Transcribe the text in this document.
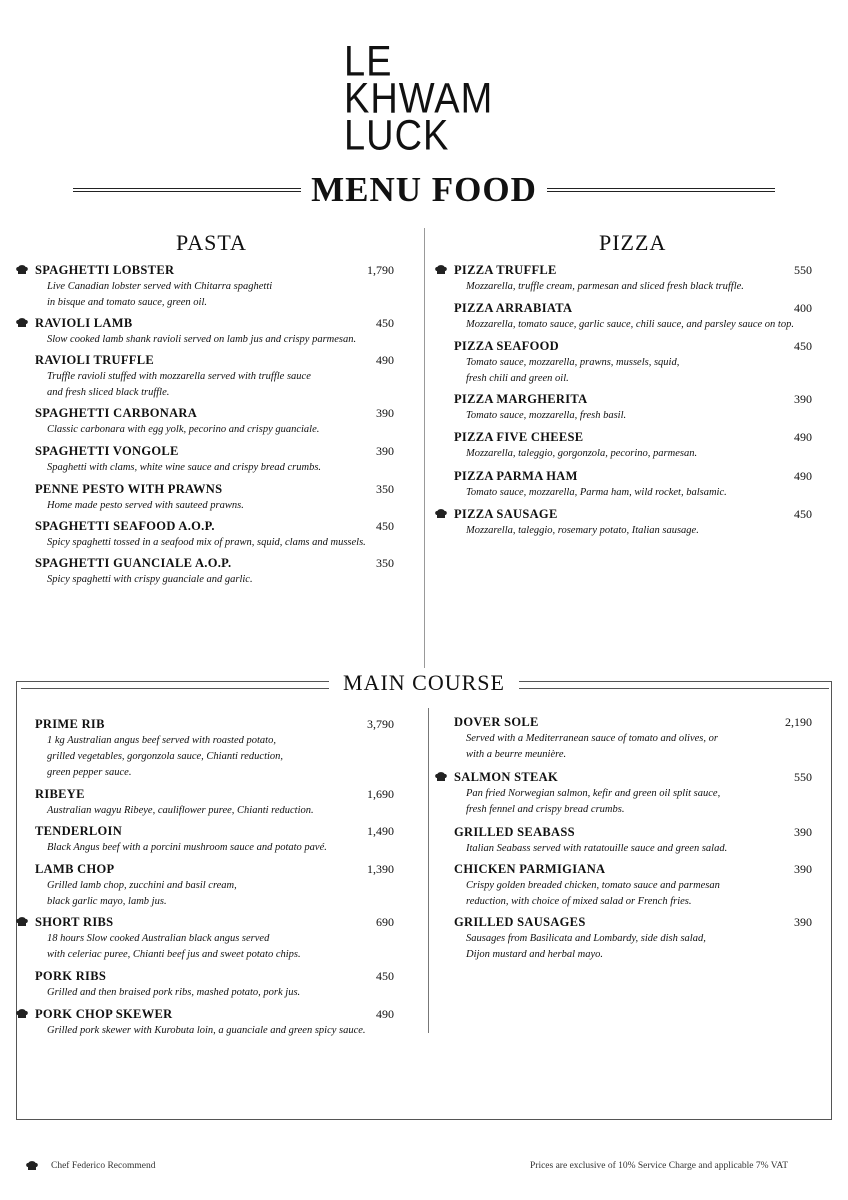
LE
KHWAM
LUCK
MENU FOOD
PASTA	PIZZA
SPAGHETTI LOBSTER	1,790
Live Canadian lobster served with Chitarra spaghetti
in bisque and tomato sauce, green oil.
RAVIOLI LAMB	450
Slow cooked lamb shank ravioli served on lamb jus and crispy parmesan.
RAVIOLI TRUFFLE	490
Truffle ravioli stuffed with mozzarella served with truffle sauce
and fresh sliced black truffle.
SPAGHETTI CARBONARA	390
Classic carbonara with egg yolk, pecorino and crispy guanciale.
SPAGHETTI VONGOLE	390
Spaghetti with clams, white wine sauce and crispy bread crumbs.
PENNE PESTO WITH PRAWNS	350
Home made pesto served with sauteed prawns.
SPAGHETTI SEAFOOD A.O.P.	450
Spicy spaghetti tossed in a seafood mix of prawn, squid, clams and mussels.
SPAGHETTI GUANCIALE A.O.P.	350
Spicy spaghetti with crispy guanciale and garlic.
PIZZA TRUFFLE	550
Mozzarella, truffle cream, parmesan and sliced fresh black truffle.
PIZZA ARRABIATA	400
Mozzarella, tomato sauce, garlic sauce, chili sauce, and parsley sauce on top.
PIZZA SEAFOOD	450
Tomato sauce, mozzarella, prawns, mussels, squid,
fresh chili and green oil.
PIZZA MARGHERITA	390
Tomato sauce, mozzarella, fresh basil.
PIZZA FIVE CHEESE	490
Mozzarella, taleggio, gorgonzola, pecorino, parmesan.
PIZZA PARMA HAM	490
Tomato sauce, mozzarella, Parma ham, wild rocket, balsamic.
PIZZA SAUSAGE	450
Mozzarella, taleggio, rosemary potato, Italian sausage.
MAIN COURSE
PRIME RIB	3,790
1 kg Australian angus beef served with roasted potato,
grilled vegetables, gorgonzola sauce, Chianti reduction,
green pepper sauce.
RIBEYE	1,690
Australian wagyu Ribeye, cauliflower puree, Chianti reduction.
TENDERLOIN	1,490
Black Angus beef with a porcini mushroom sauce and potato pavé.
LAMB CHOP	1,390
Grilled lamb chop, zucchini and basil cream,
black garlic mayo, lamb jus.
SHORT RIBS	690
18 hours Slow cooked Australian black angus served
with celeriac puree, Chianti beef jus and sweet potato chips.
PORK RIBS	450
Grilled and then braised pork ribs, mashed potato, pork jus.
PORK CHOP SKEWER	490
Grilled pork skewer with Kurobuta loin, a guanciale and green spicy sauce.
DOVER SOLE	2,190
Served with a Mediterranean sauce of tomato and olives, or
with a beurre meunière.
SALMON STEAK	550
Pan fried Norwegian salmon, kefir and green oil split sauce,
fresh fennel and crispy bread crumbs.
GRILLED SEABASS	390
Italian Seabass served with ratatouille sauce and green salad.
CHICKEN PARMIGIANA	390
Crispy golden breaded chicken, tomato sauce and parmesan
reduction, with choice of mixed salad or French fries.
GRILLED SAUSAGES	390
Sausages from Basilicata and Lombardy, side dish salad,
Dijon mustard and herbal mayo.
Chef Federico Recommend	Prices are exclusive of 10% Service Charge and applicable 7% VAT
